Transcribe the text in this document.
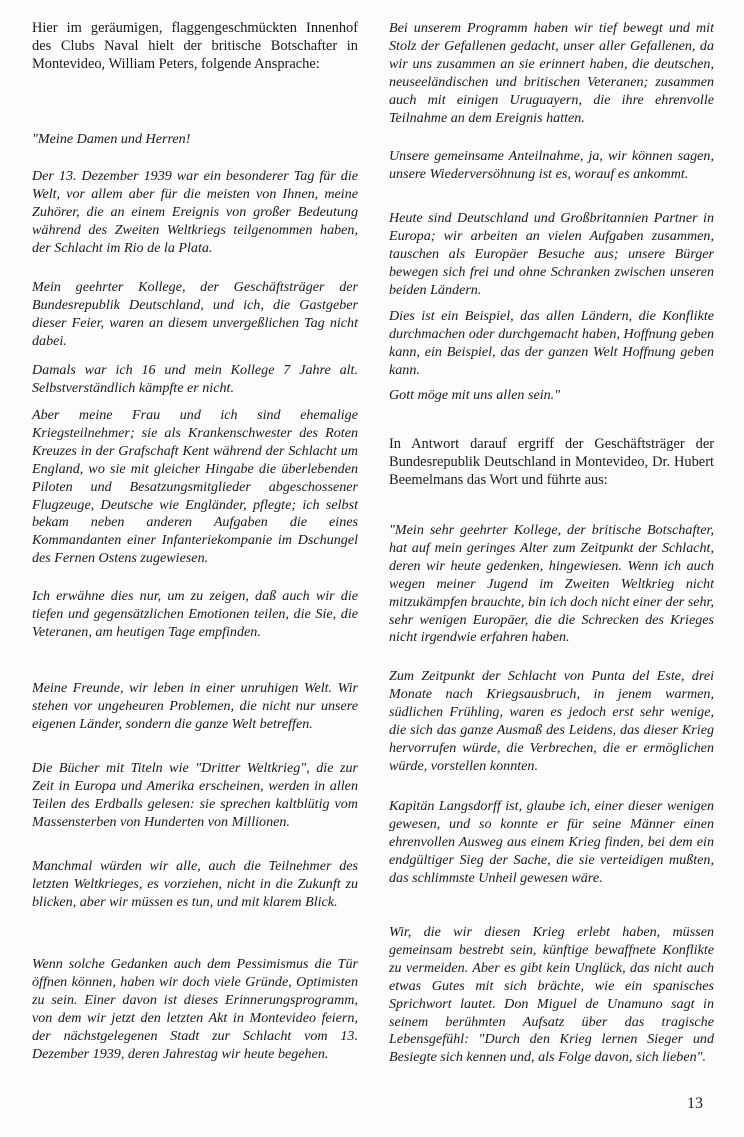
Hier im geräumigen, flaggengeschmückten Innenhof des Clubs Naval hielt der britische Botschafter in Montevideo, William Peters, folgende Ansprache:

"Meine Damen und Herren!

Der 13. Dezember 1939 war ein besonderer Tag für die Welt, vor allem aber für die meisten von Ihnen, meine Zuhörer, die an einem Ereignis von großer Bedeutung während des Zweiten Weltkriegs teilgenommen haben, der Schlacht im Rio de la Plata.

Mein geehrter Kollege, der Geschäftsträger der Bundesrepublik Deutschland, und ich, die Gastgeber dieser Feier, waren an diesem unvergeßlichen Tag nicht dabei.

Damals war ich 16 und mein Kollege 7 Jahre alt. Selbstverständlich kämpfte er nicht.

Aber meine Frau und ich sind ehemalige Kriegsteilnehmer; sie als Krankenschwester des Roten Kreuzes in der Grafschaft Kent während der Schlacht um England, wo sie mit gleicher Hingabe die überlebenden Piloten und Besatzungsmitglieder abgeschossener Flugzeuge, Deutsche wie Engländer, pflegte; ich selbst bekam neben anderen Aufgaben die eines Kommandanten einer Infanteriekompanie im Dschungel des Fernen Ostens zugewiesen.

Ich erwähne dies nur, um zu zeigen, daß auch wir die tiefen und gegensätzlichen Emotionen teilen, die Sie, die Veteranen, am heutigen Tage empfinden.

Meine Freunde, wir leben in einer unruhigen Welt. Wir stehen vor ungeheuren Problemen, die nicht nur unsere eigenen Länder, sondern die ganze Welt betreffen.

Die Bücher mit Titeln wie "Dritter Weltkrieg", die zur Zeit in Europa und Amerika erscheinen, werden in allen Teilen des Erdballs gelesen: sie sprechen kaltblütig vom Massensterben von Hunderten von Millionen.

Manchmal würden wir alle, auch die Teilnehmer des letzten Weltkrieges, es vorziehen, nicht in die Zukunft zu blicken, aber wir müssen es tun, und mit klarem Blick.

Wenn solche Gedanken auch dem Pessimismus die Tür öffnen können, haben wir doch viele Gründe, Optimisten zu sein. Einer davon ist dieses Erinnerungsprogramm, von dem wir jetzt den letzten Akt in Montevideo feiern, der nächstgelegenen Stadt zur Schlacht vom 13. Dezember 1939, deren Jahrestag wir heute begehen.

Bei unserem Programm haben wir tief bewegt und mit Stolz der Gefallenen gedacht, unser aller Gefallenen, da wir uns zusammen an sie erinnert haben, die deutschen, neuseeländischen und britischen Veteranen; zusammen auch mit einigen Uruguayern, die ihre ehrenvolle Teilnahme an dem Ereignis hatten.

Unsere gemeinsame Anteilnahme, ja, wir können sagen, unsere Wiederversöhnung ist es, worauf es ankommt.

Heute sind Deutschland und Großbritannien Partner in Europa; wir arbeiten an vielen Aufgaben zusammen, tauschen als Europäer Besuche aus; unsere Bürger bewegen sich frei und ohne Schranken zwischen unseren beiden Ländern.

Dies ist ein Beispiel, das allen Ländern, die Konflikte durchmachen oder durchgemacht haben, Hoffnung geben kann, ein Beispiel, das der ganzen Welt Hoffnung geben kann.

Gott möge mit uns allen sein."

In Antwort darauf ergriff der Geschäftsträger der Bundesrepublik Deutschland in Montevideo, Dr. Hubert Beemelmans das Wort und führte aus:

"Mein sehr geehrter Kollege, der britische Botschafter, hat auf mein geringes Alter zum Zeitpunkt der Schlacht, deren wir heute gedenken, hingewiesen. Wenn ich auch wegen meiner Jugend im Zweiten Weltkrieg nicht mitzukämpfen brauchte, bin ich doch nicht einer der sehr, sehr wenigen Europäer, die die Schrecken des Krieges nicht irgendwie erfahren haben.

Zum Zeitpunkt der Schlacht von Punta del Este, drei Monate nach Kriegsausbruch, in jenem warmen, südlichen Frühling, waren es jedoch erst sehr wenige, die sich das ganze Ausmaß des Leidens, das dieser Krieg hervorrufen würde, die Verbrechen, die er ermöglichen würde, vorstellen konnten.

Kapitän Langsdorff ist, glaube ich, einer dieser wenigen gewesen, und so konnte er für seine Männer einen ehrenvollen Ausweg aus einem Krieg finden, bei dem ein endgültiger Sieg der Sache, die sie verteidigen mußten, das schlimmste Unheil gewesen wäre.

Wir, die wir diesen Krieg erlebt haben, müssen gemeinsam bestrebt sein, künftige bewaffnete Konflikte zu vermeiden. Aber es gibt kein Unglück, das nicht auch etwas Gutes mit sich brächte, wie ein spanisches Sprichwort lautet. Don Miguel de Unamuno sagt in seinem berühmten Aufsatz über das tragische Lebensgefühl: "Durch den Krieg lernen Sieger und Besiegte sich kennen und, als Folge davon, sich lieben".

13
